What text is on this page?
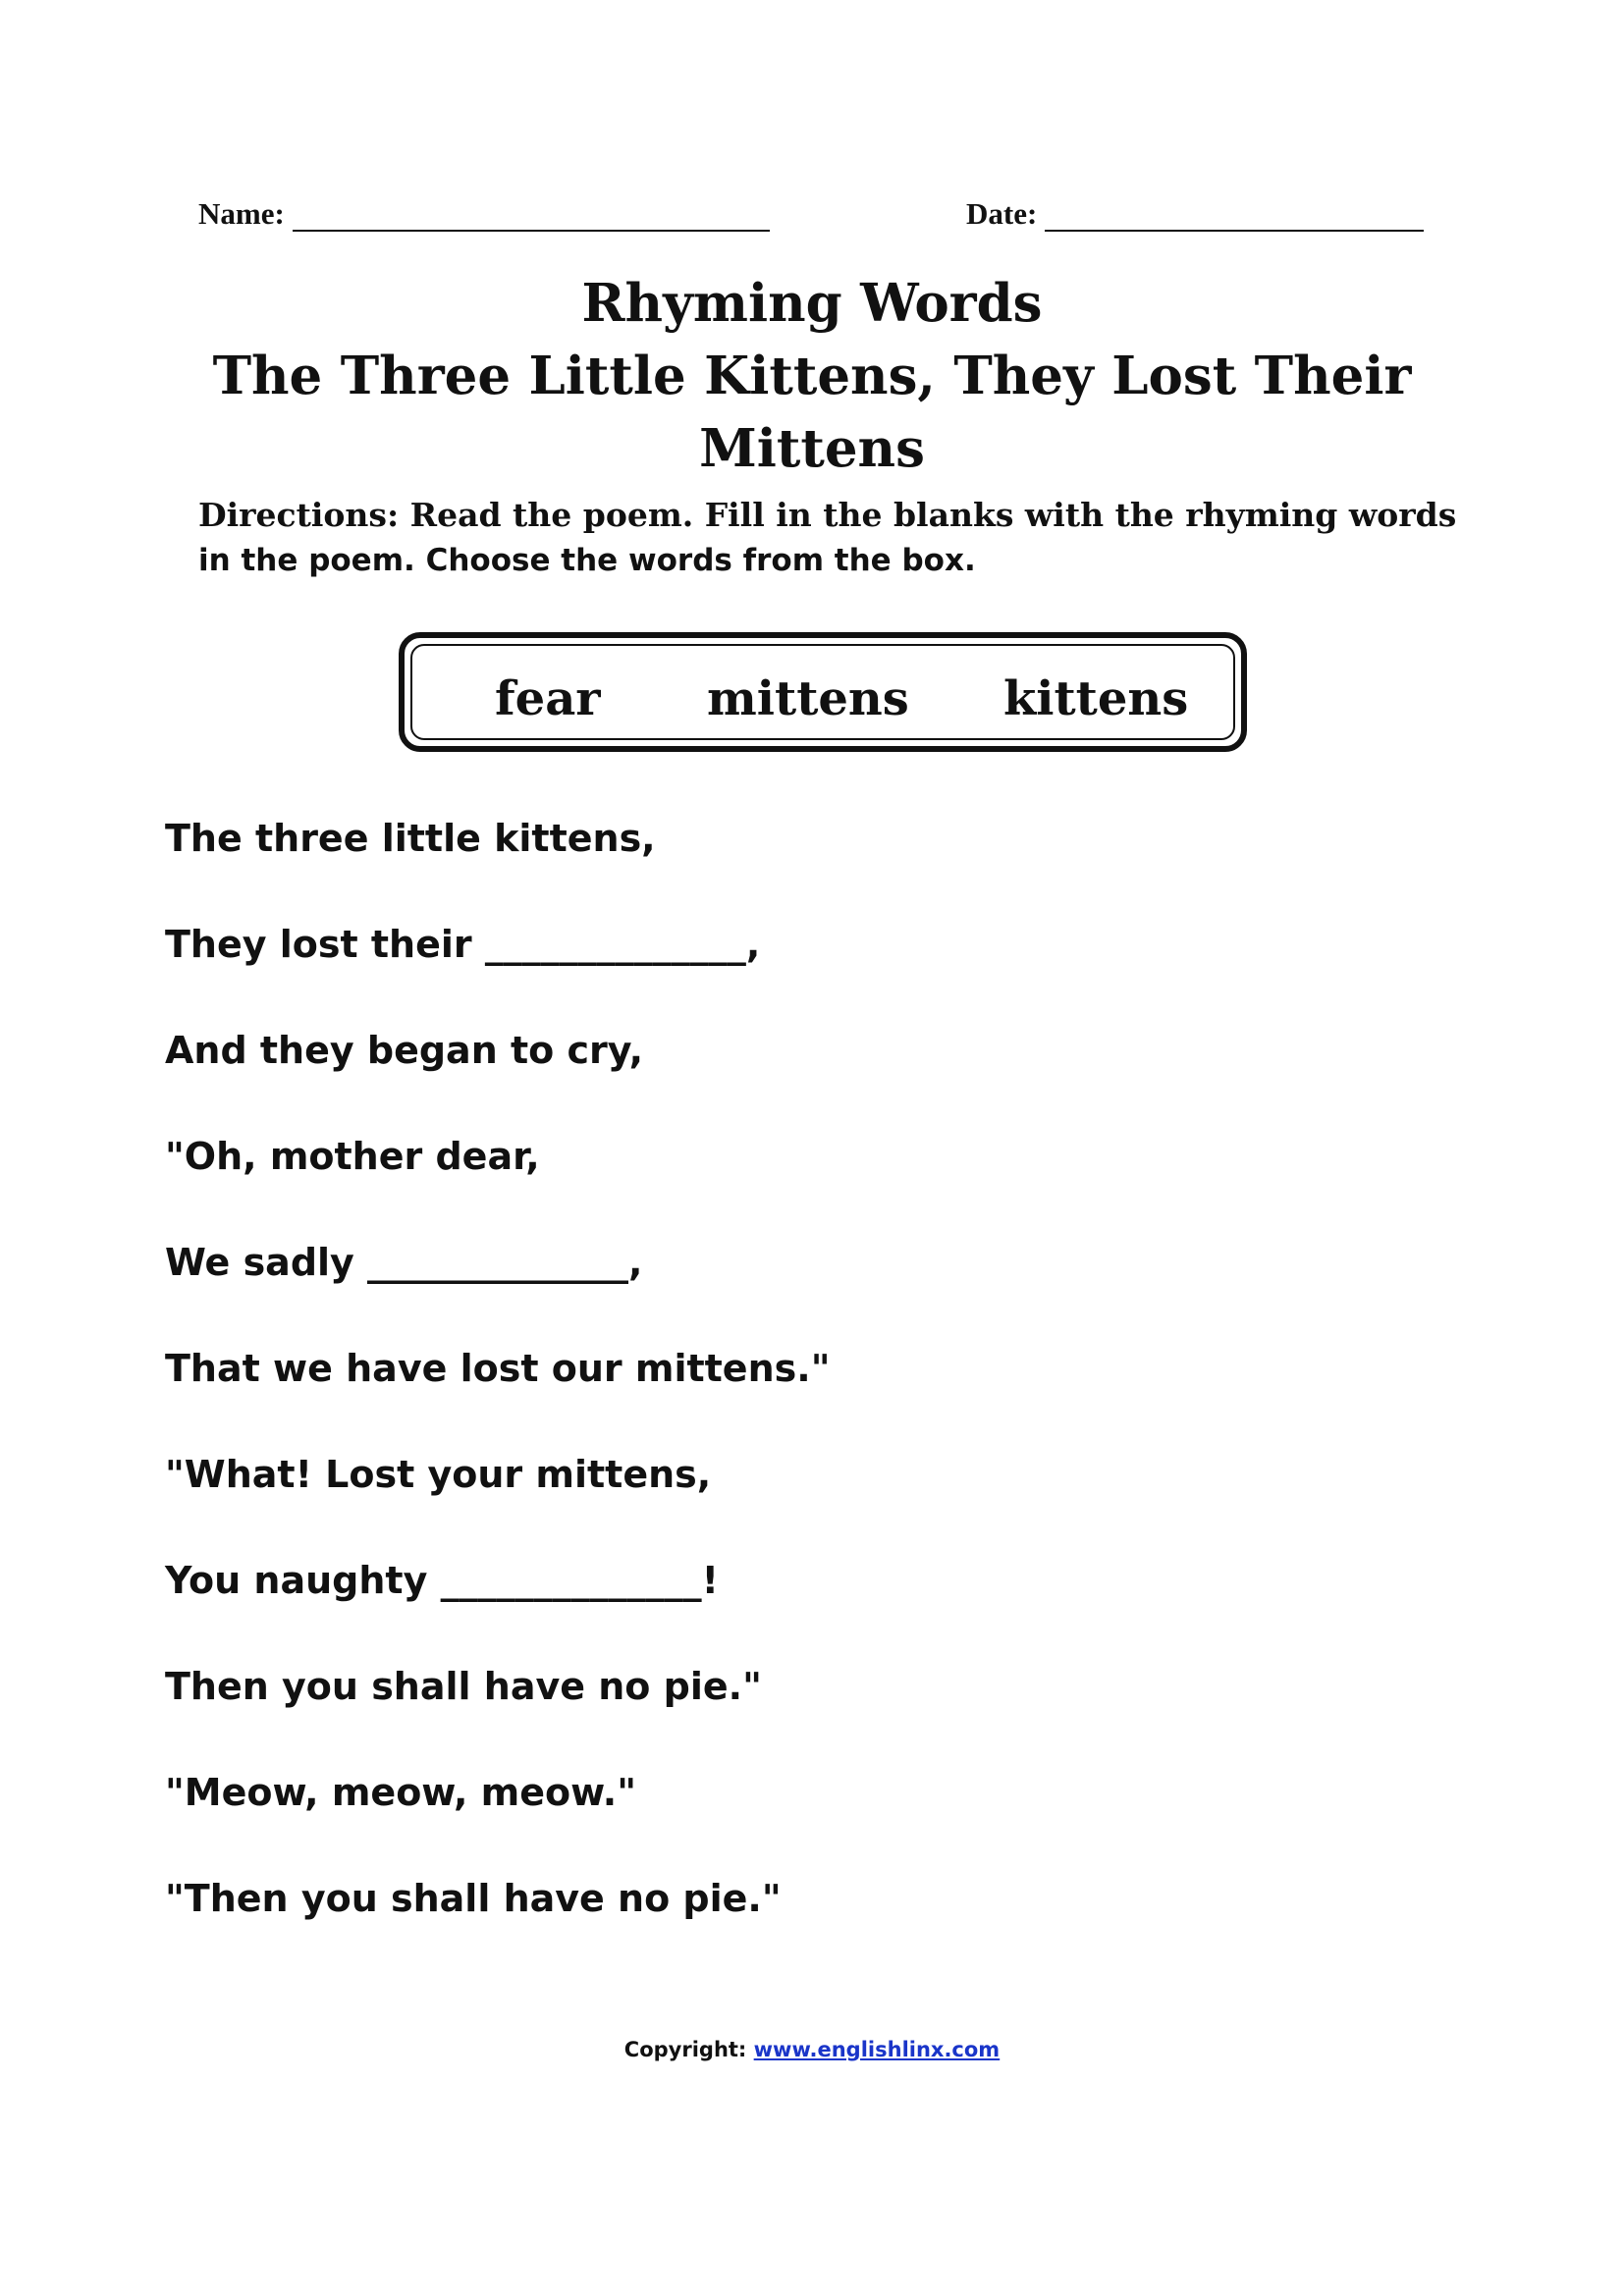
Name:	Date:
Rhyming Words
The Three Little Kittens, They Lost Their
Mittens
Directions: Read the poem. Fill in the blanks with the rhyming words
in the poem. Choose the words from the box.
fear mittens kittens
The three little kittens,
They lost their ______________,
And they began to cry,
"Oh, mother dear,
We sadly ______________,
That we have lost our mittens."
"What! Lost your mittens,
You naughty ______________!
Then you shall have no pie."
"Meow, meow, meow."
"Then you shall have no pie."
Copyright: www.englishlinx.com
